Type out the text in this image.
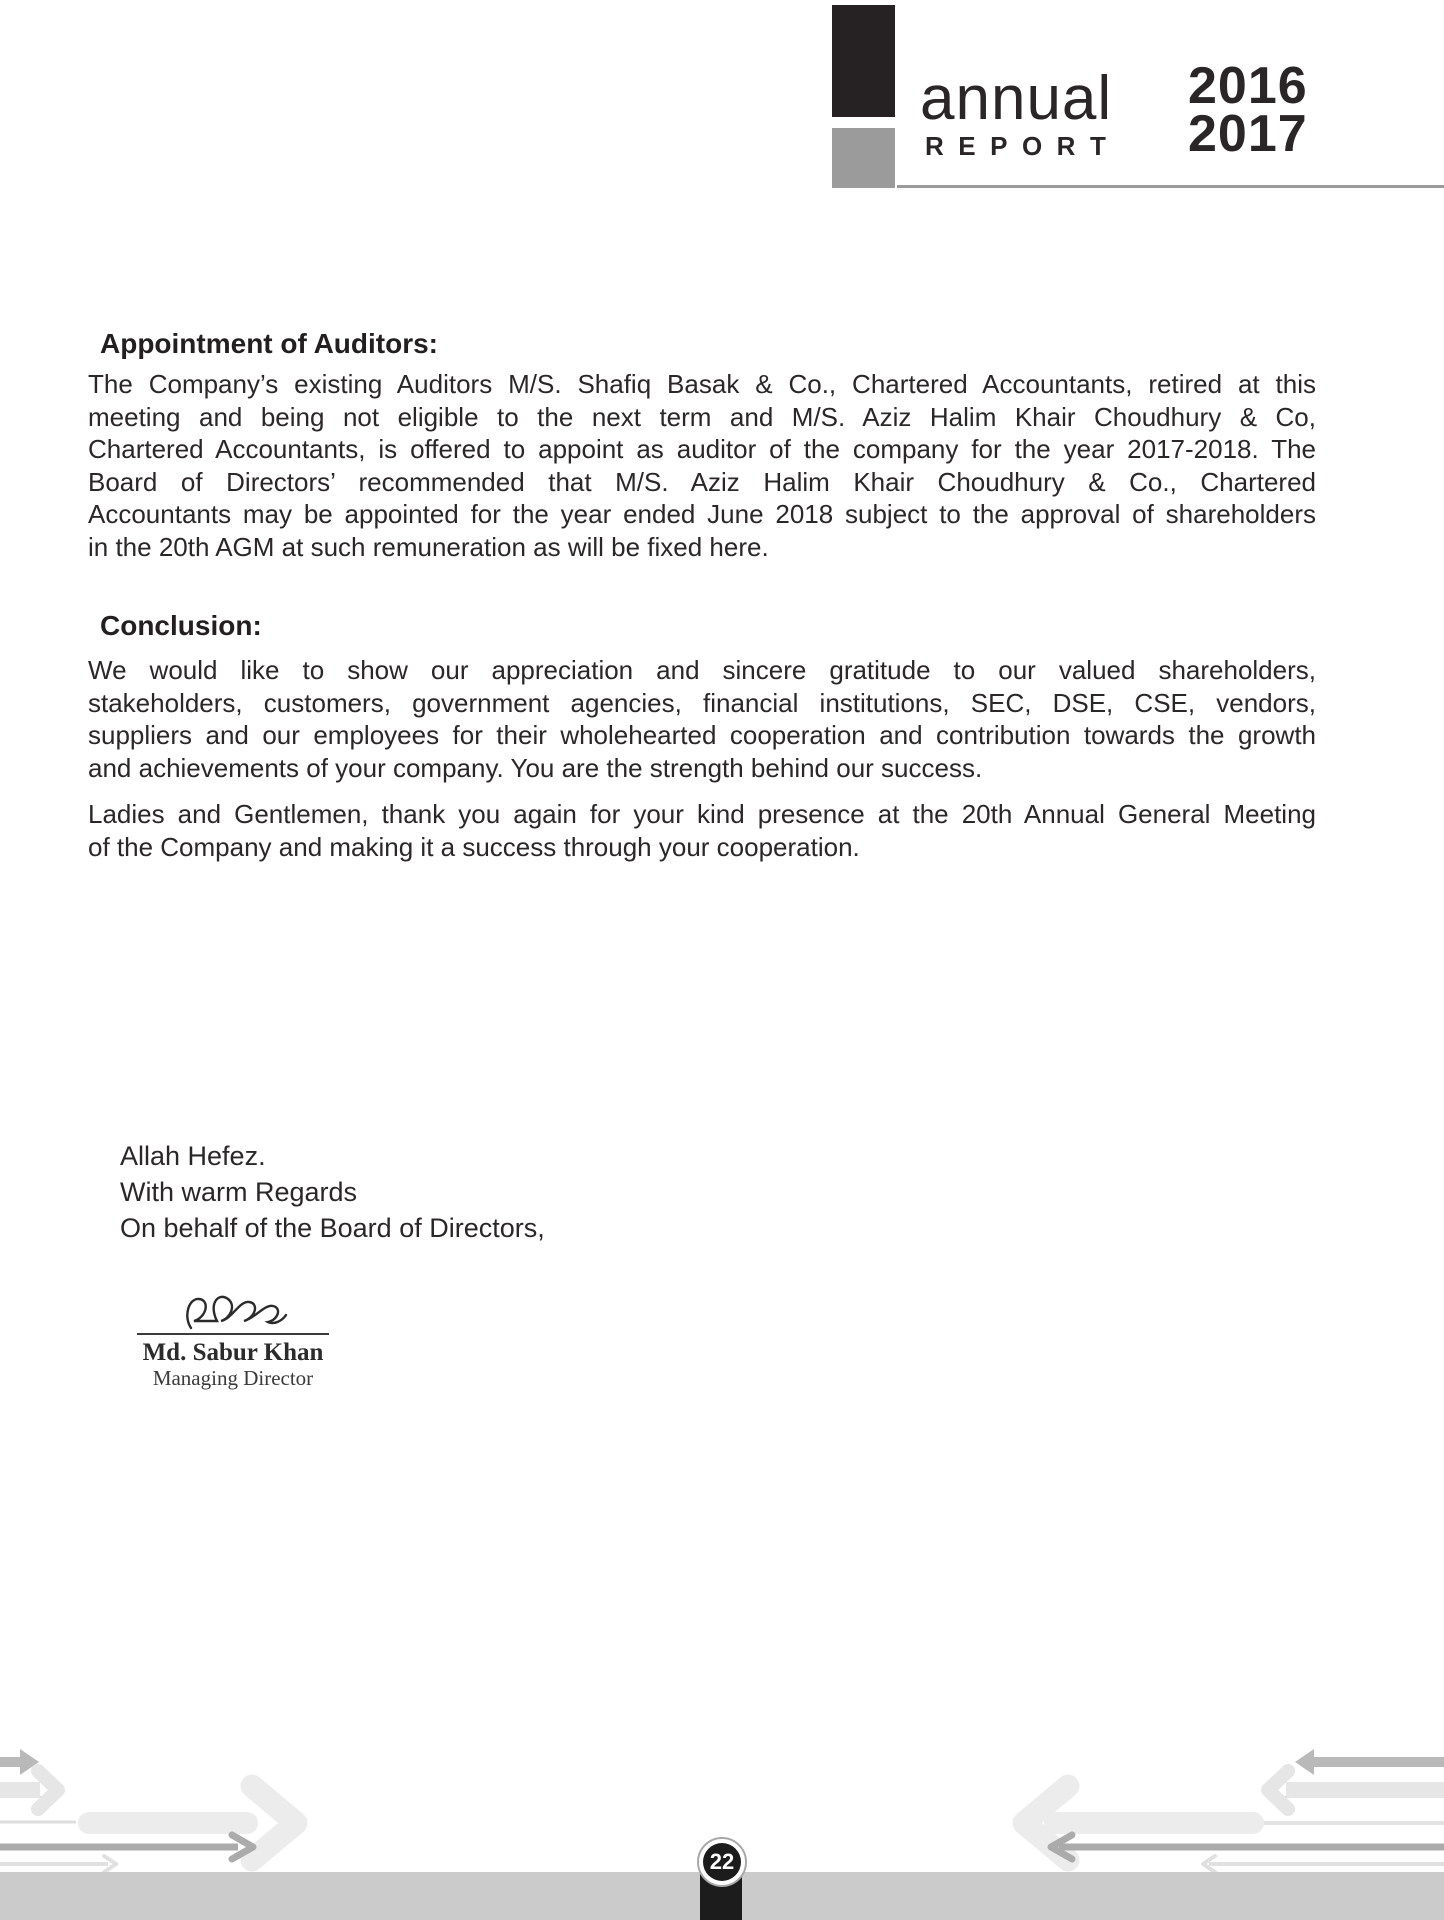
annual
REPORT
2016
2017
Appointment of Auditors:
The Company’s existing Auditors M/S. Shafiq Basak & Co., Chartered Accountants, retired at this
meeting and being not eligible to the next term and M/S. Aziz Halim Khair Choudhury & Co,
Chartered Accountants, is offered to appoint as auditor of the company for the year 2017-2018. The
Board of Directors’ recommended that M/S. Aziz Halim Khair Choudhury & Co., Chartered
Accountants may be appointed for the year ended June 2018 subject to the approval of shareholders
in the 20th AGM at such remuneration as will be fixed here.
Conclusion:
We would like to show our appreciation and sincere gratitude to our valued shareholders,
stakeholders, customers, government agencies, financial institutions, SEC, DSE, CSE, vendors,
suppliers and our employees for their wholehearted cooperation and contribution towards the growth
and achievements of your company. You are the strength behind our success.
Ladies and Gentlemen, thank you again for your kind presence at the 20th Annual General Meeting
of the Company and making it a success through your cooperation.
Allah Hefez.
With warm Regards
On behalf of the Board of Directors,
Md. Sabur Khan
Managing Director
22
